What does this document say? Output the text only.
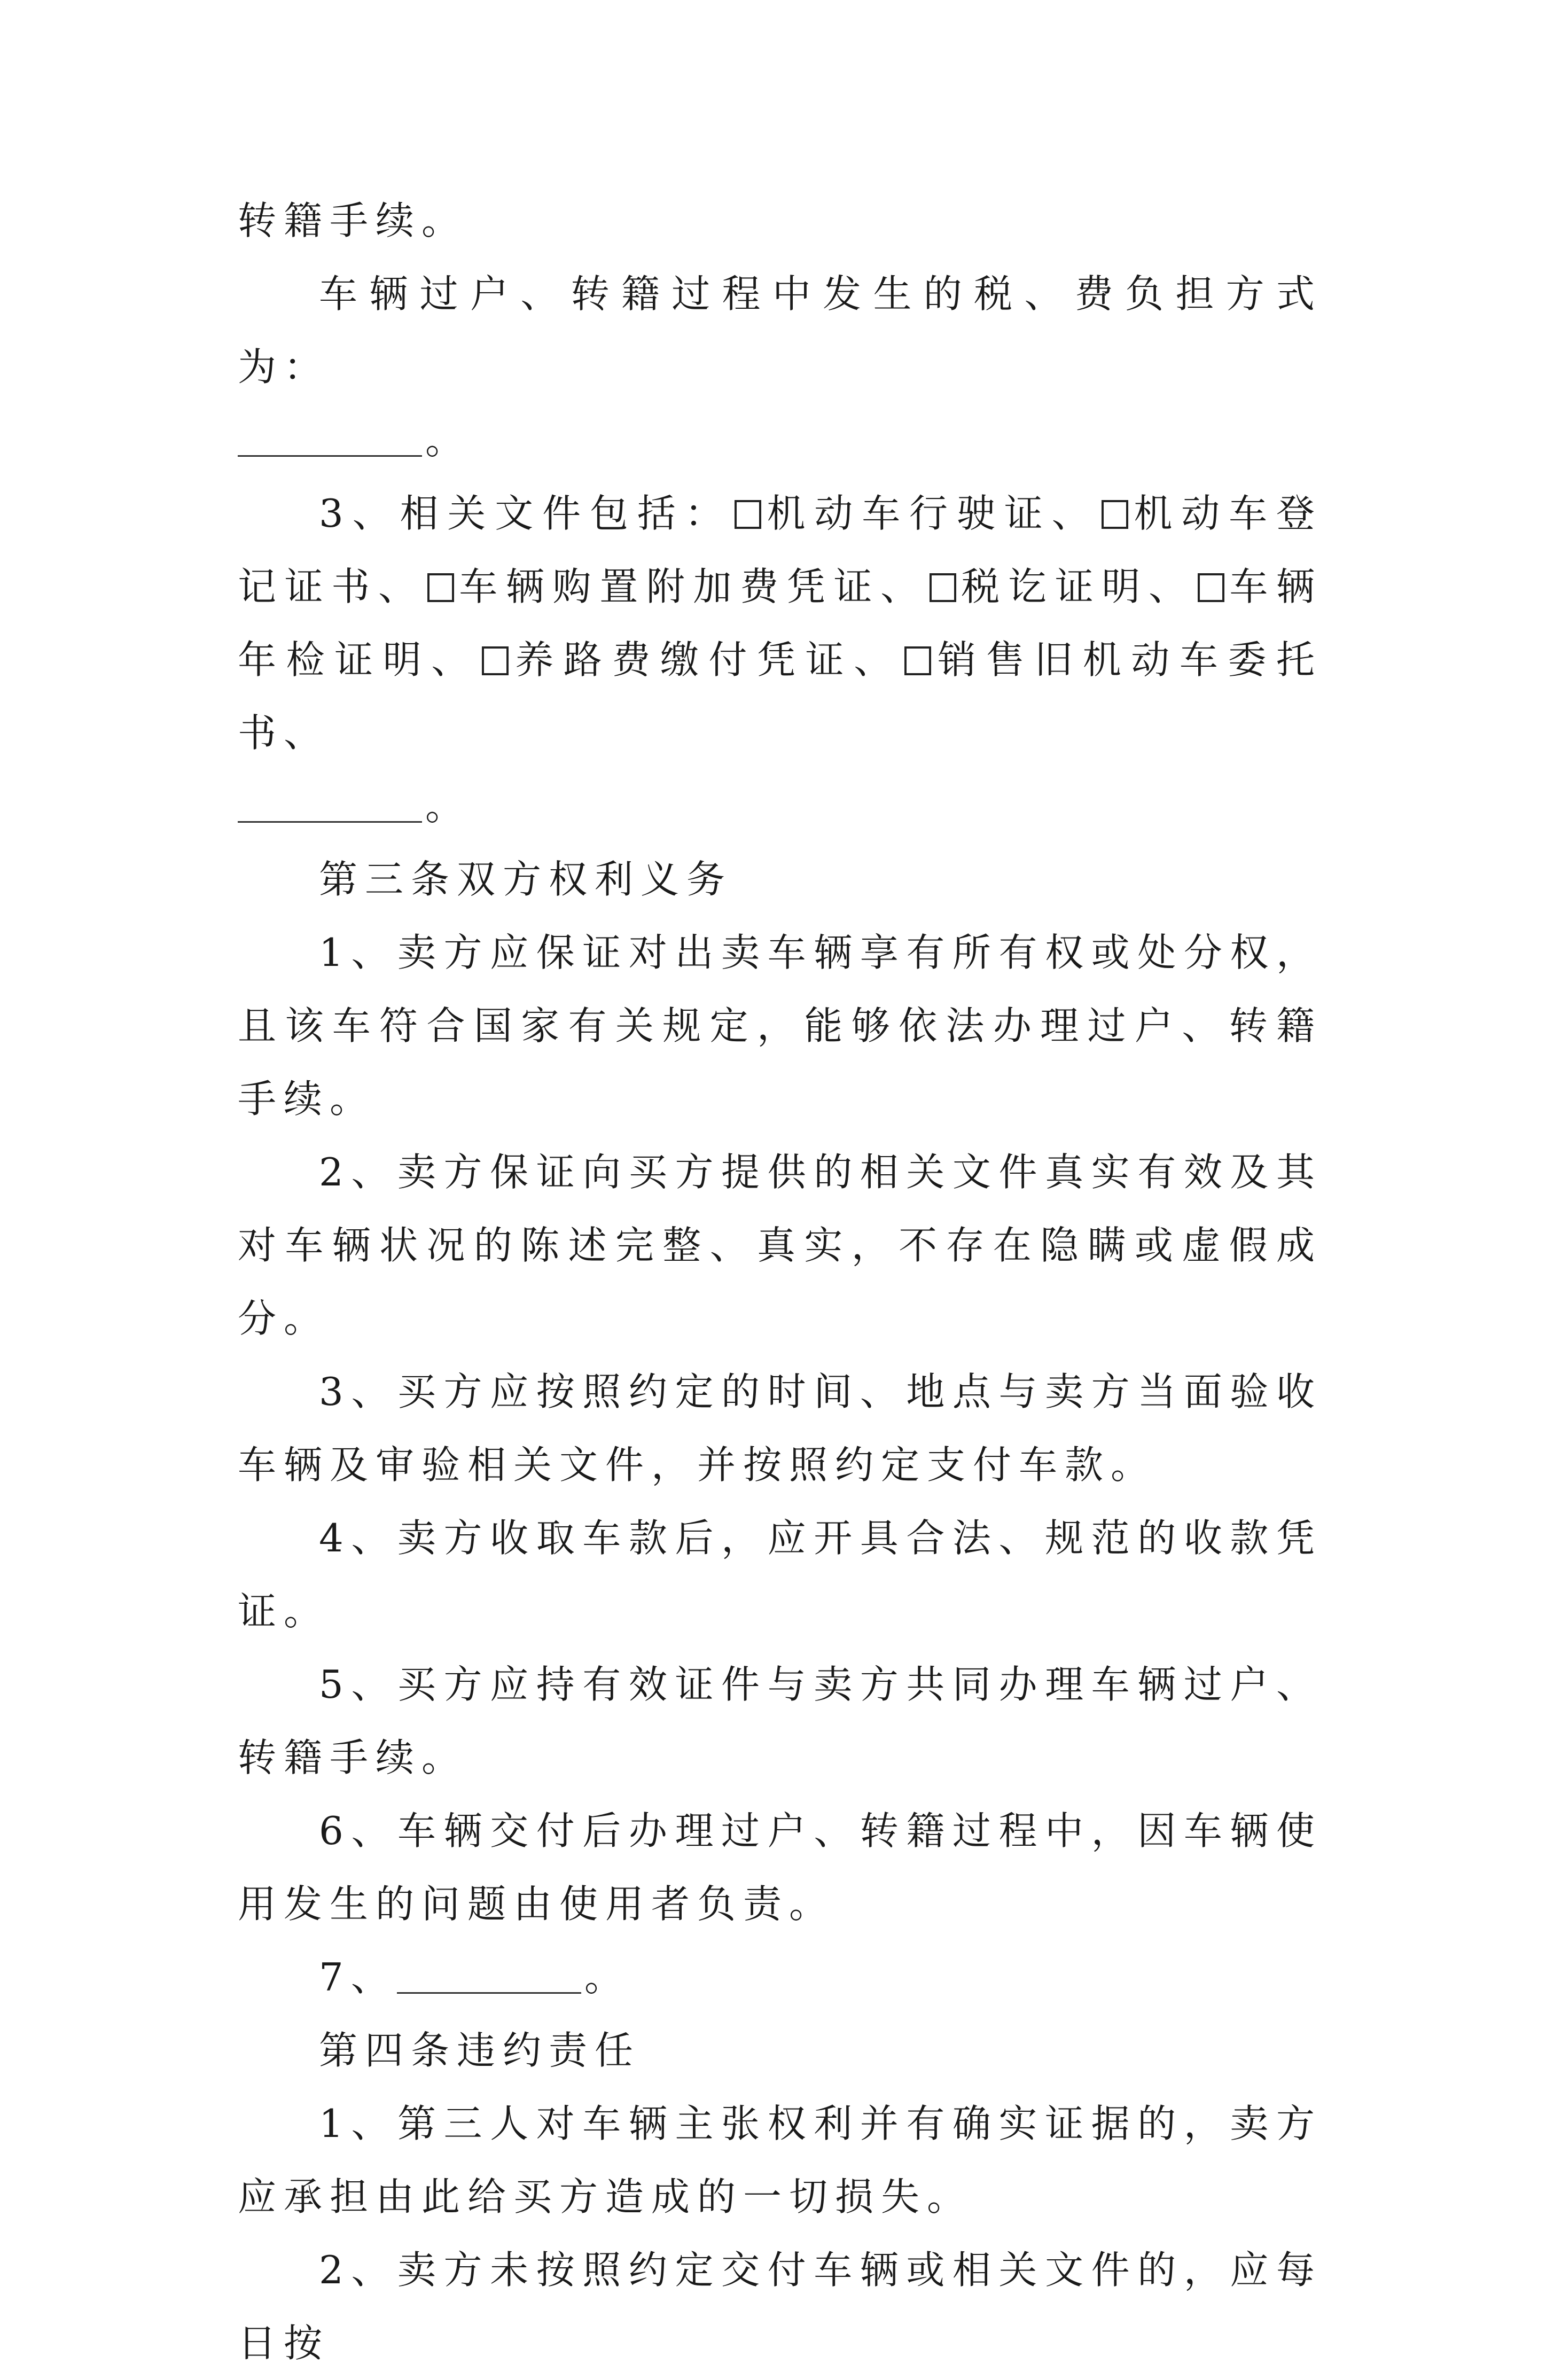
转籍手续。

车辆过户、转籍过程中发生的税、费负担方式为：

。

3、相关文件包括： 机动车行驶证、 机动车登记证书、 车辆购置附加费凭证、 税讫证明、 车辆年检证明、 养路费缴付凭证、 销售旧机动车委托书、

。

第三条双方权利义务

1、卖方应保证对出卖车辆享有所有权或处分权，且该车符合国家有关规定，能够依法办理过户、转籍手续。

2、卖方保证向买方提供的相关文件真实有效及其对车辆状况的陈述完整、真实，不存在隐瞒或虚假成分。

3、买方应按照约定的时间、地点与卖方当面验收车辆及审验相关文件，并按照约定支付车款。

4、卖方收取车款后，应开具合法、规范的收款凭证。

5、买方应持有效证件与卖方共同办理车辆过户、转籍手续。

6、车辆交付后办理过户、转籍过程中，因车辆使用发生的问题由使用者负责。

7、	。

第四条违约责任

1、第三人对车辆主张权利并有确实证据的，卖方应承担由此给买方造成的一切损失。

2、卖方未按照约定交付车辆或相关文件的，应每日按
